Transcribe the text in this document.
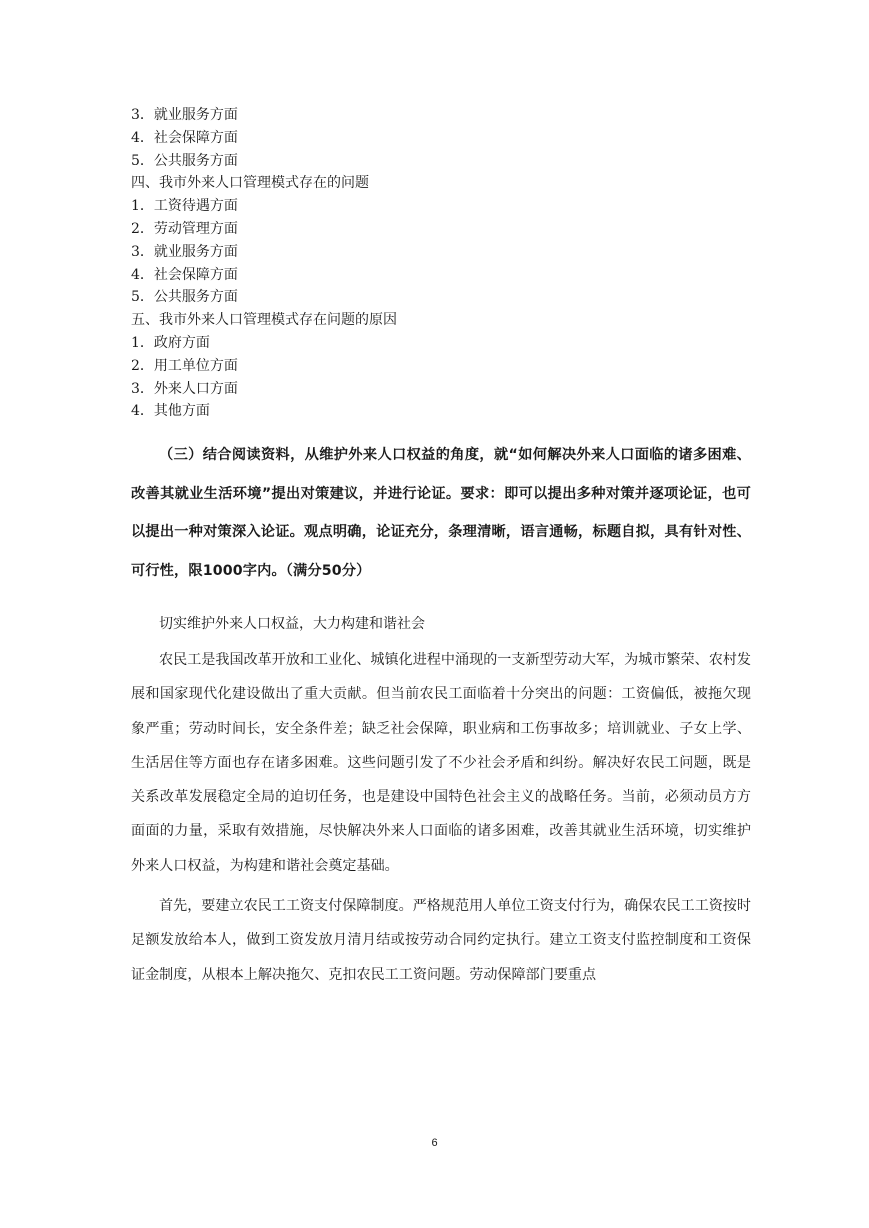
3．就业服务方面
4．社会保障方面
5．公共服务方面
四、我市外来人口管理模式存在的问题
1．工资待遇方面
2．劳动管理方面
3．就业服务方面
4．社会保障方面
5．公共服务方面
五、我市外来人口管理模式存在问题的原因
1．政府方面
2．用工单位方面
3．外来人口方面
4．其他方面
（三）结合阅读资料，从维护外来人口权益的角度，就“如何解决外来人口面临的诸多困难、改善其就业生活环境”提出对策建议，并进行论证。要求：即可以提出多种对策并逐项论证，也可以提出一种对策深入论证。观点明确，论证充分，条理清晰，语言通畅，标题自拟，具有针对性、可行性，限1000字内。（满分50分）
切实维护外来人口权益，大力构建和谐社会

农民工是我国改革开放和工业化、城镇化进程中涌现的一支新型劳动大军，为城市繁荣、农村发展和国家现代化建设做出了重大贡献。但当前农民工面临着十分突出的问题：工资偏低，被拖欠现象严重；劳动时间长，安全条件差；缺乏社会保障，职业病和工伤事故多；培训就业、子女上学、生活居住等方面也存在诸多困难。这些问题引发了不少社会矛盾和纠纷。解决好农民工问题，既是关系改革发展稳定全局的迫切任务，也是建设中国特色社会主义的战略任务。当前，必须动员方方面面的力量，采取有效措施，尽快解决外来人口面临的诸多困难，改善其就业生活环境，切实维护外来人口权益，为构建和谐社会奠定基础。

首先，要建立农民工工资支付保障制度。严格规范用人单位工资支付行为，确保农民工工资按时足额发放给本人，做到工资发放月清月结或按劳动合同约定执行。建立工资支付监控制度和工资保证金制度，从根本上解决拖欠、克扣农民工工资问题。劳动保障部门要重点

6
